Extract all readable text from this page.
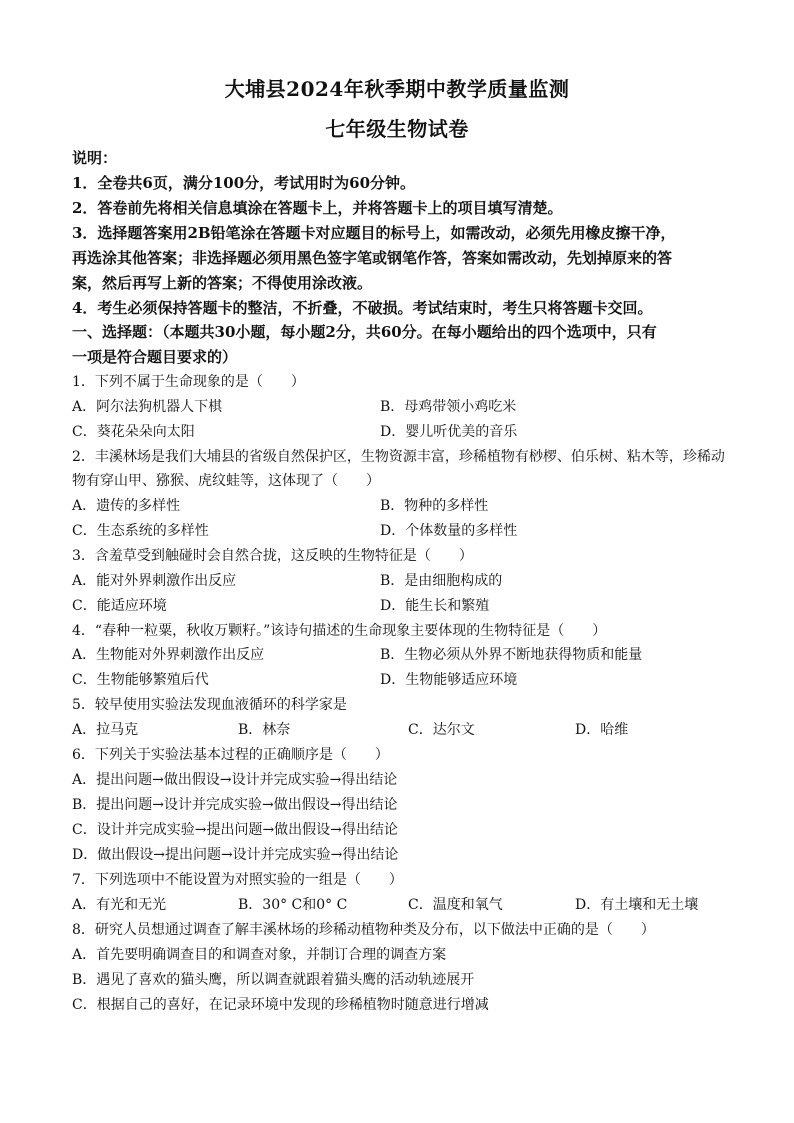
大埔县2024年秋季期中教学质量监测
七年级生物试卷
说明：
1．全卷共6页，满分100分，考试用时为60分钟。
2．答卷前先将相关信息填涂在答题卡上，并将答题卡上的项目填写清楚。
3．选择题答案用2B铅笔涂在答题卡对应题目的标号上，如需改动，必须先用橡皮擦干净，
再选涂其他答案；非选择题必须用黑色签字笔或钢笔作答，答案如需改动，先划掉原来的答
案，然后再写上新的答案；不得使用涂改液。
4．考生必须保持答题卡的整洁，不折叠，不破损。考试结束时，考生只将答题卡交回。
一、选择题：（本题共30小题，每小题2分，共60分。在每小题给出的四个选项中，只有
一项是符合题目要求的）
1．下列不属于生命现象的是（　　）
A．阿尔法狗机器人下棋	B．母鸡带领小鸡吃米
C．葵花朵朵向太阳	D．婴儿听优美的音乐
2．丰溪林场是我们大埔县的省级自然保护区，生物资源丰富，珍稀植物有桫椤、伯乐树、粘木等，珍稀动
物有穿山甲、猕猴、虎纹蛙等，这体现了（　　）
A．遗传的多样性	B．物种的多样性
C．生态系统的多样性	D．个体数量的多样性
3．含羞草受到触碰时会自然合拢，这反映的生物特征是（　　）
A．能对外界刺激作出反应	B．是由细胞构成的
C．能适应环境	D．能生长和繁殖
4．“春种一粒粟，秋收万颗籽。”该诗句描述的生命现象主要体现的生物特征是（　　）
A．生物能对外界刺激作出反应	B．生物必须从外界不断地获得物质和能量
C．生物能够繁殖后代	D．生物能够适应环境
5．较早使用实验法发现血液循环的科学家是
A．拉马克	B．林奈	C．达尔文	D．哈维
6．下列关于实验法基本过程的正确顺序是（　　）
A．提出问题→做出假设→设计并完成实验→得出结论
B．提出问题→设计并完成实验→做出假设→得出结论
C．设计并完成实验→提出问题→做出假设→得出结论
D．做出假设→提出问题→设计并完成实验→得出结论
7．下列选项中不能设置为对照实验的一组是（　　）
A．有光和无光	B．30° C和0° C	C．温度和氧气	D．有土壤和无土壤
8．研究人员想通过调查了解丰溪林场的珍稀动植物种类及分布，以下做法中正确的是（　　）
A．首先要明确调查目的和调查对象，并制订合理的调查方案
B．遇见了喜欢的猫头鹰，所以调查就跟着猫头鹰的活动轨迹展开
C．根据自己的喜好，在记录环境中发现的珍稀植物时随意进行增减
